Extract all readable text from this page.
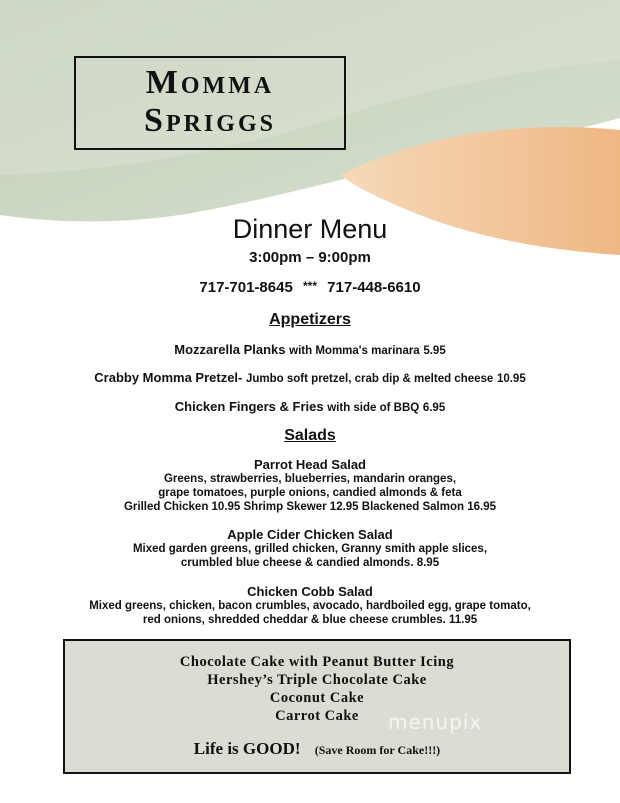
Momma
Spriggs
Dinner Menu
3:00pm – 9:00pm
717-701-8645 *** 717-448-6610
Appetizers
Mozzarella Planks with Momma's marinara 5.95
Crabby Momma Pretzel- Jumbo soft pretzel, crab dip & melted cheese 10.95
Chicken Fingers & Fries with side of BBQ 6.95
Salads
Parrot Head Salad
Greens, strawberries, blueberries, mandarin oranges,
grape tomatoes, purple onions, candied almonds & feta
Grilled Chicken 10.95 Shrimp Skewer 12.95 Blackened Salmon 16.95
Apple Cider Chicken Salad
Mixed garden greens, grilled chicken, Granny smith apple slices,
crumbled blue cheese & candied almonds. 8.95
Chicken Cobb Salad
Mixed greens, chicken, bacon crumbles, avocado, hardboiled egg, grape tomato,
red onions, shredded cheddar & blue cheese crumbles. 11.95
Chocolate Cake with Peanut Butter Icing
Hershey’s Triple Chocolate Cake
Coconut Cake
Carrot Cake
Life is GOOD! (Save Room for Cake!!!)
menupix
